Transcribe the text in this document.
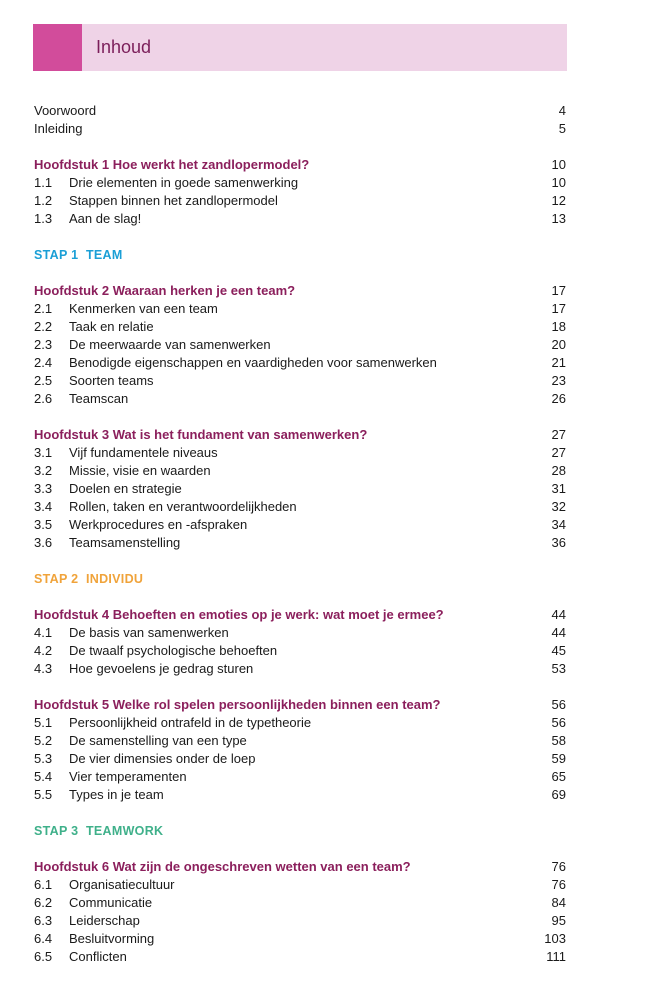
Inhoud
Voorwoord	4
Inleiding	5
Hoofdstuk 1 Hoe werkt het zandlopermodel?	10
1.1 Drie elementen in goede samenwerking	10
1.2 Stappen binnen het zandlopermodel	12
1.3 Aan de slag!	13
STAP 1 TEAM
Hoofdstuk 2 Waaraan herken je een team?	17
2.1 Kenmerken van een team	17
2.2 Taak en relatie	18
2.3 De meerwaarde van samenwerken	20
2.4 Benodigde eigenschappen en vaardigheden voor samenwerken	21
2.5 Soorten teams	23
2.6 Teamscan	26
Hoofdstuk 3 Wat is het fundament van samenwerken?	27
3.1 Vijf fundamentele niveaus	27
3.2 Missie, visie en waarden	28
3.3 Doelen en strategie	31
3.4 Rollen, taken en verantwoordelijkheden	32
3.5 Werkprocedures en -afspraken	34
3.6 Teamsamenstelling	36
STAP 2 INDIVIDU
Hoofdstuk 4 Behoeften en emoties op je werk: wat moet je ermee?	44
4.1 De basis van samenwerken	44
4.2 De twaalf psychologische behoeften	45
4.3 Hoe gevoelens je gedrag sturen	53
Hoofdstuk 5 Welke rol spelen persoonlijkheden binnen een team?	56
5.1 Persoonlijkheid ontrafeld in de typetheorie	56
5.2 De samenstelling van een type	58
5.3 De vier dimensies onder de loep	59
5.4 Vier temperamenten	65
5.5 Types in je team	69
STAP 3 TEAMWORK
Hoofdstuk 6 Wat zijn de ongeschreven wetten van een team?	76
6.1 Organisatiecultuur	76
6.2 Communicatie	84
6.3 Leiderschap	95
6.4 Besluitvorming	103
6.5 Conflicten	111
